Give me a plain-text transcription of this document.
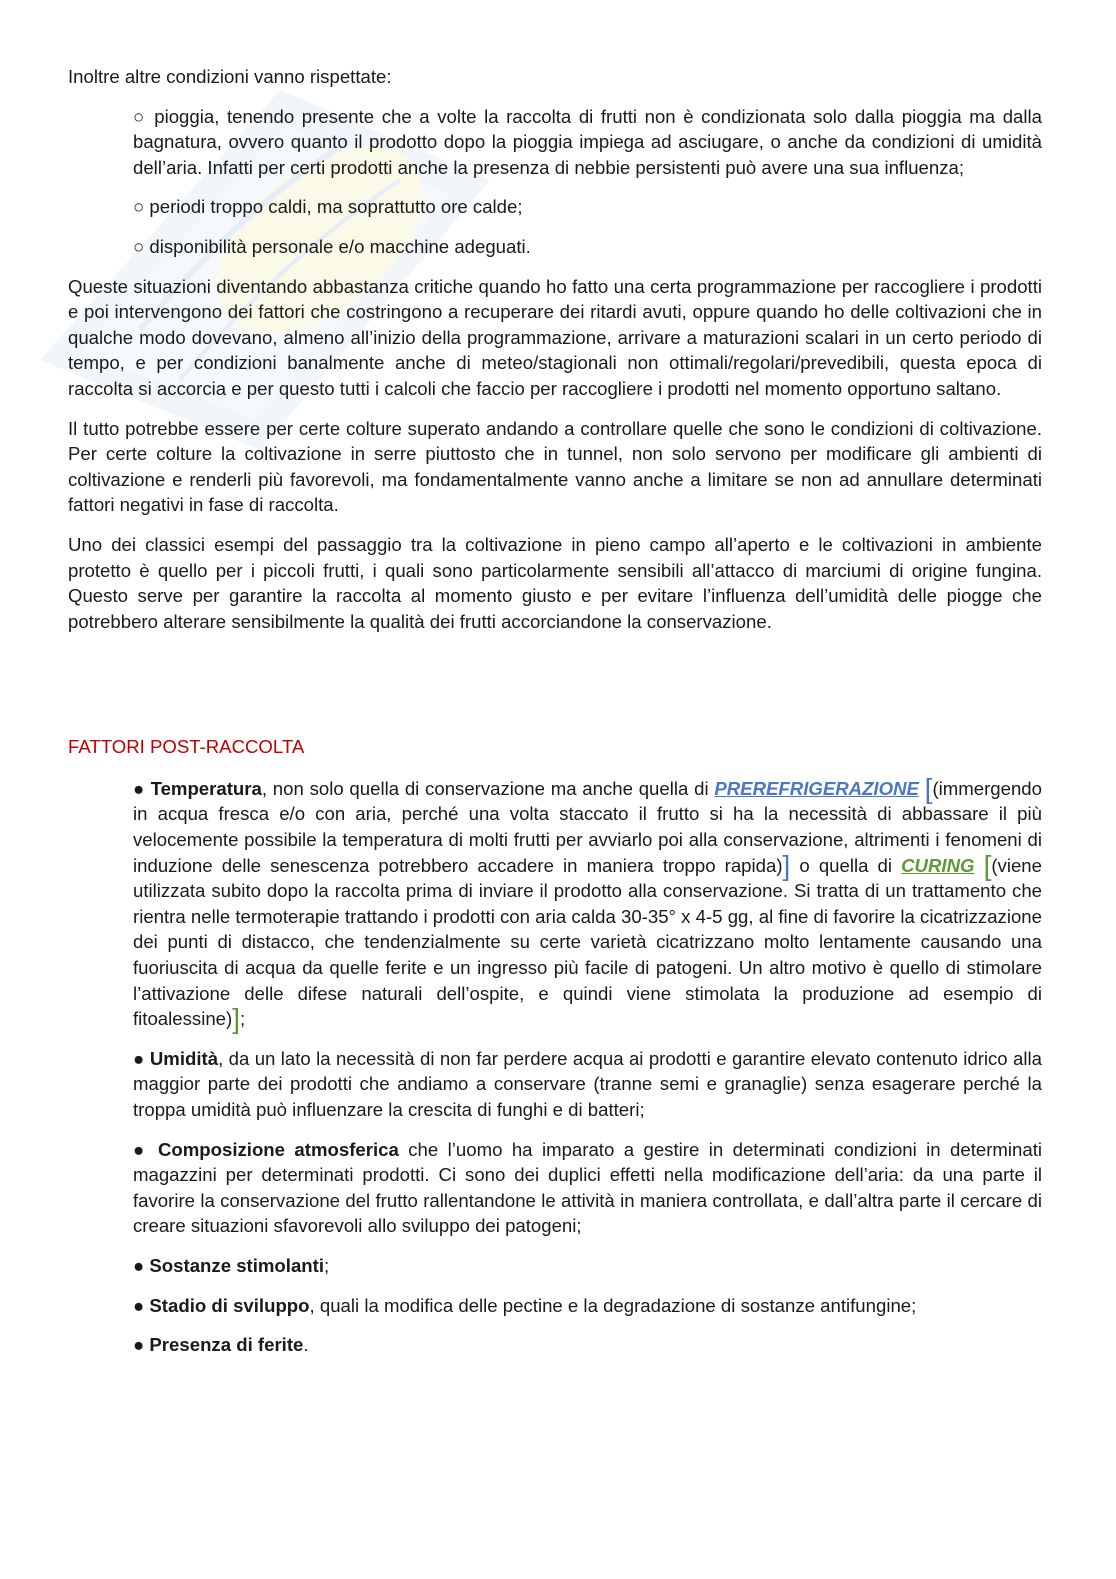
Inoltre altre condizioni vanno rispettate:

○ pioggia, tenendo presente che a volte la raccolta di frutti non è condizionata solo dalla pioggia ma dalla bagnatura, ovvero quanto il prodotto dopo la pioggia impiega ad asciugare, o anche da condizioni di umidità dell’aria. Infatti per certi prodotti anche la presenza di nebbie persistenti può avere una sua influenza;

○ periodi troppo caldi, ma soprattutto ore calde;

○ disponibilità personale e/o macchine adeguati.

Queste situazioni diventando abbastanza critiche quando ho fatto una certa programmazione per raccogliere i prodotti e poi intervengono dei fattori che costringono a recuperare dei ritardi avuti, oppure quando ho delle coltivazioni che in qualche modo dovevano, almeno all’inizio della programmazione, arrivare a maturazioni scalari in un certo periodo di tempo, e per condizioni banalmente anche di meteo/stagionali non ottimali/regolari/prevedibili, questa epoca di raccolta si accorcia e per questo tutti i calcoli che faccio per raccogliere i prodotti nel momento opportuno saltano.

Il tutto potrebbe essere per certe colture superato andando a controllare quelle che sono le condizioni di coltivazione. Per certe colture la coltivazione in serre piuttosto che in tunnel, non solo servono per modificare gli ambienti di coltivazione e renderli più favorevoli, ma fondamentalmente vanno anche a limitare se non ad annullare determinati fattori negativi in fase di raccolta.

Uno dei classici esempi del passaggio tra la coltivazione in pieno campo all’aperto e le coltivazioni in ambiente protetto è quello per i piccoli frutti, i quali sono particolarmente sensibili all’attacco di marciumi di origine fungina. Questo serve per garantire la raccolta al momento giusto e per evitare l’influenza dell’umidità delle piogge che potrebbero alterare sensibilmente la qualità dei frutti accorciandone la conservazione.

FATTORI POST-RACCOLTA

● Temperatura, non solo quella di conservazione ma anche quella di PREREFRIGERAZIONE [(immergendo in acqua fresca e/o con aria, perché una volta staccato il frutto si ha la necessità di abbassare il più velocemente possibile la temperatura di molti frutti per avviarlo poi alla conservazione, altrimenti i fenomeni di induzione delle senescenza potrebbero accadere in maniera troppo rapida)] o quella di CURING [(viene utilizzata subito dopo la raccolta prima di inviare il prodotto alla conservazione. Si tratta di un trattamento che rientra nelle termoterapie trattando i prodotti con aria calda 30-35° x 4-5 gg, al fine di favorire la cicatrizzazione dei punti di distacco, che tendenzialmente su certe varietà cicatrizzano molto lentamente causando una fuoriuscita di acqua da quelle ferite e un ingresso più facile di patogeni. Un altro motivo è quello di stimolare l’attivazione delle difese naturali dell’ospite, e quindi viene stimolata la produzione ad esempio di fitoalessine)];

● Umidità, da un lato la necessità di non far perdere acqua ai prodotti e garantire elevato contenuto idrico alla maggior parte dei prodotti che andiamo a conservare (tranne semi e granaglie) senza esagerare perché la troppa umidità può influenzare la crescita di funghi e di batteri;

● Composizione atmosferica che l’uomo ha imparato a gestire in determinati condizioni in determinati magazzini per determinati prodotti. Ci sono dei duplici effetti nella modificazione dell’aria: da una parte il favorire la conservazione del frutto rallentandone le attività in maniera controllata, e dall’altra parte il cercare di creare situazioni sfavorevoli allo sviluppo dei patogeni;

● Sostanze stimolanti;

● Stadio di sviluppo, quali la modifica delle pectine e la degradazione di sostanze antifungine;

● Presenza di ferite.
